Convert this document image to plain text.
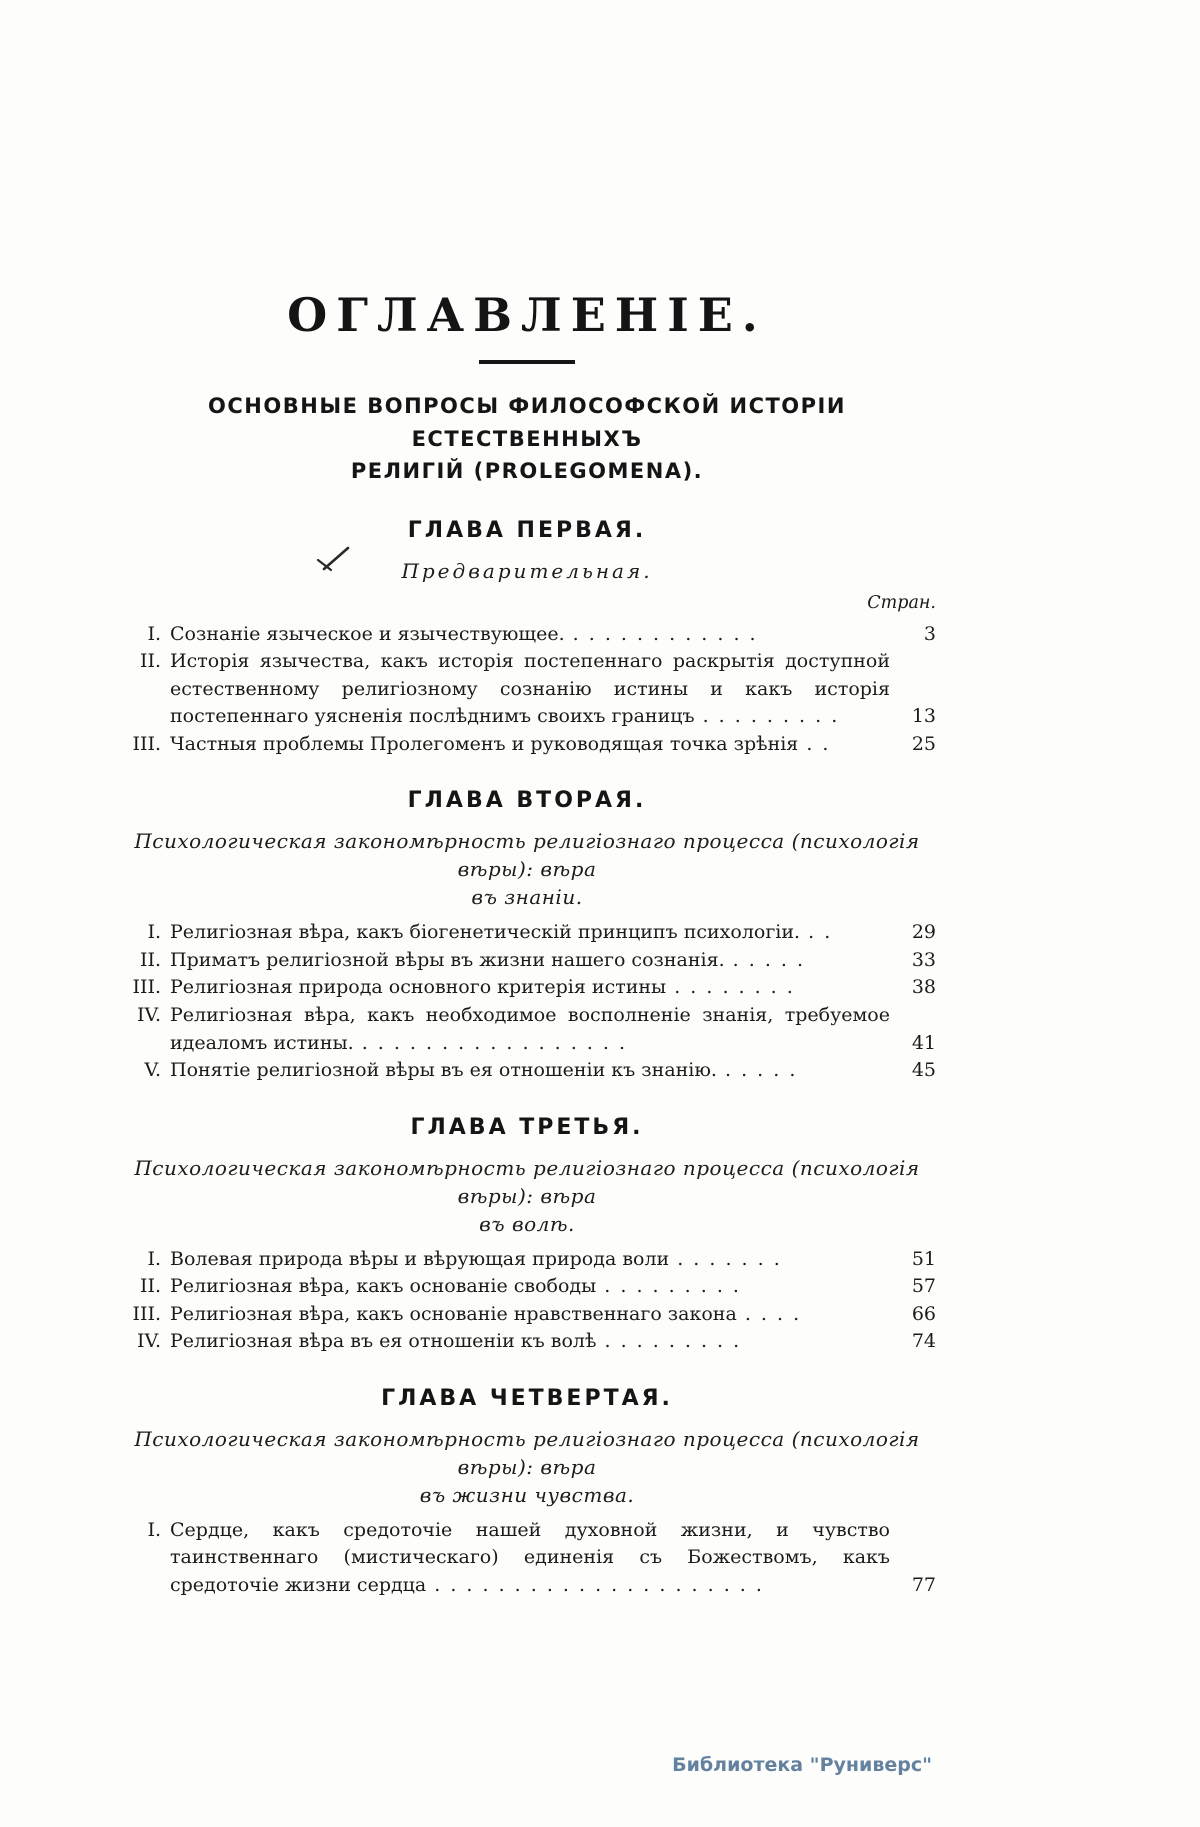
ОГЛАВЛЕНІЕ.
ОСНОВНЫЕ ВОПРОСЫ ФИЛОСОФСКОЙ ИСТОРІИ ЕСТЕСТВЕННЫХЪ
РЕЛИГІЙ (PROLEGOMENA).
ГЛАВА ПЕРВАЯ.
Предварительная.
Стран.
I. Сознаніе языческое и язычествующее. . . . . . . . . . . . .	3
II. Исторія язычества, какъ исторія постепеннаго раскрытія доступной естественному религіозному сознанію истины и какъ исторія постепеннаго уясненія послѣднимъ своихъ границъ . . . . . . . . .	13
III. Частныя проблемы Пролегоменъ и руководящая точка зрѣнія . .	25
ГЛАВА ВТОРАЯ.
Психологическая закономѣрность религіознаго процесса (психологія вѣры): вѣра
въ знаніи.
I. Религіозная вѣра, какъ біогенетическій принципъ психологіи. . .	29
II. Приматъ религіозной вѣры въ жизни нашего сознанія. . . . . .	33
III. Религіозная природа основного критерія истины . . . . . . . .	38
IV. Религіозная вѣра, какъ необходимое восполненіе знанія, требуемое идеаломъ истины. . . . . . . . . . . . . . . . . .	41
V. Понятіе религіозной вѣры въ ея отношеніи къ знанію. . . . . .	45
ГЛАВА ТРЕТЬЯ.
Психологическая закономѣрность религіознаго процесса (психологія вѣры): вѣра
въ волѣ.
I. Волевая природа вѣры и вѣрующая природа воли . . . . . . .	51
II. Религіозная вѣра, какъ основаніе свободы . . . . . . . . .	57
III. Религіозная вѣра, какъ основаніе нравственнаго закона . . . .	66
IV. Религіозная вѣра въ ея отношеніи къ волѣ . . . . . . . . .	74
ГЛАВА ЧЕТВЕРТАЯ.
Психологическая закономѣрность религіознаго процесса (психологія вѣры): вѣра
въ жизни чувства.
I. Сердце, какъ средоточіе нашей духовной жизни, и чувство таинственнаго (мистическаго) единенія съ Божествомъ, какъ средоточіе жизни сердца . . . . . . . . . . . . . . . . . . . . .	77
Библиотека "Руниверс"
